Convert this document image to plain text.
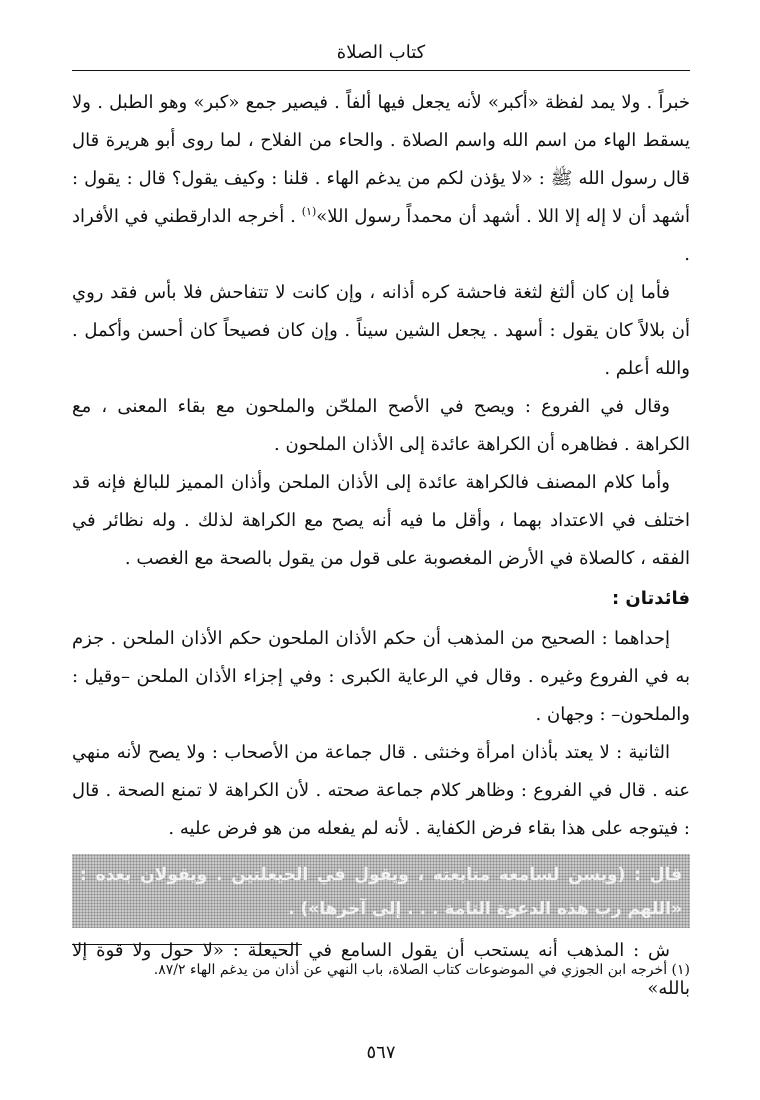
كتاب الصلاة

خبراً . ولا يمد لفظة «أكبر» لأنه يجعل فيها ألفاً . فيصير جمع «كبر» وهو الطبل . ولا يسقط الهاء من اسم الله واسم الصلاة . والحاء من الفلاح ، لما روى أبو هريرة قال قال رسول الله ﷺ : «لا يؤذن لكم من يدغم الهاء . قلنا : وكيف يقول؟ قال : يقول : أشهد أن لا إله إلا اللا . أشهد أن محمداً رسول اللا»$^{(١)}$ . أخرجه الدارقطني في الأفراد .

فأما إن كان ألثغ لثغة فاحشة كره أذانه ، وإن كانت لا تتفاحش فلا بأس فقد روي أن بلالاً كان يقول : أسهد . يجعل الشين سيناً . وإن كان فصيحاً كان أحسن وأكمل . والله أعلم .

وقال في الفروع : ويصح في الأصح الملحّن والملحون مع بقاء المعنى ، مع الكراهة . فظاهره أن الكراهة عائدة إلى الأذان الملحون .

وأما كلام المصنف فالكراهة عائدة إلى الأذان الملحن وأذان المميز للبالغ فإنه قد اختلف في الاعتداد بهما ، وأقل ما فيه أنه يصح مع الكراهة لذلك . وله نظائر في الفقه ، كالصلاة في الأرض المغصوبة على قول من يقول بالصحة مع الغصب .

فائدتان :

إحداهما : الصحيح من المذهب أن حكم الأذان الملحون حكم الأذان الملحن . جزم به في الفروع وغيره . وقال في الرعاية الكبرى : وفي إجزاء الأذان الملحن –وقيل : والملحون– : وجهان .

الثانية : لا يعتد بأذان امرأة وخنثى . قال جماعة من الأصحاب : ولا يصح لأنه منهي عنه . قال في الفروع : وظاهر كلام جماعة صحته . لأن الكراهة لا تمنع الصحة . قال : فيتوجه على هذا بقاء فرض الكفاية . لأنه لم يفعله من هو فرض عليه .

قال : (ويسن لسامعه متابعته ، ويقول في الحيعلتين . ويقولان بعده : «اللهم رب هذه الدعوة التامة . . . إلى آخرها») .

ش : المذهب أنه يستحب أن يقول السامع في الحيعلة : «لا حول ولا قوة إلا بالله»

(١) أخرجه ابن الجوزي في الموضوعات كتاب الصلاة، باب النهي عن أذان من يدغم الهاء ٨٧/٢.
٥٦٧
